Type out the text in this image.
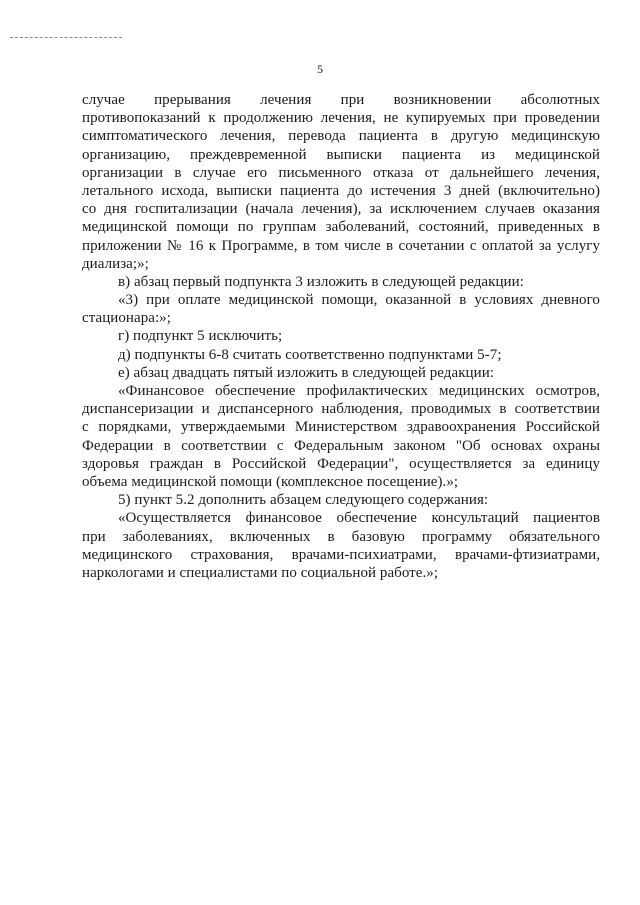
5
случае прерывания лечения при возникновении абсолютных
противопоказаний к продолжению лечения, не купируемых при проведении
симптоматического лечения, перевода пациента в другую медицинскую
организацию, преждевременной выписки пациента из медицинской
организации в случае его письменного отказа от дальнейшего лечения,
летального исхода, выписки пациента до истечения 3 дней (включительно)
со дня госпитализации (начала лечения), за исключением случаев оказания
медицинской помощи по группам заболеваний, состояний, приведенных в
приложении № 16 к Программе, в том числе в сочетании с оплатой за услугу
диализа;»;
в) абзац первый подпункта 3 изложить в следующей редакции:
«3) при оплате медицинской помощи, оказанной в условиях дневного
стационара:»;
г) подпункт 5 исключить;
д) подпункты 6-8 считать соответственно подпунктами 5-7;
е) абзац двадцать пятый изложить в следующей редакции:
«Финансовое обеспечение профилактических медицинских осмотров,
диспансеризации и диспансерного наблюдения, проводимых в соответствии
с порядками, утверждаемыми Министерством здравоохранения Российской
Федерации в соответствии с Федеральным законом "Об основах охраны
здоровья граждан в Российской Федерации", осуществляется за единицу
объема медицинской помощи (комплексное посещение).»;
5) пункт 5.2 дополнить абзацем следующего содержания:
«Осуществляется финансовое обеспечение консультаций пациентов
при заболеваниях, включенных в базовую программу обязательного
медицинского страхования, врачами-психиатрами, врачами-фтизиатрами,
наркологами и специалистами по социальной работе.»;
